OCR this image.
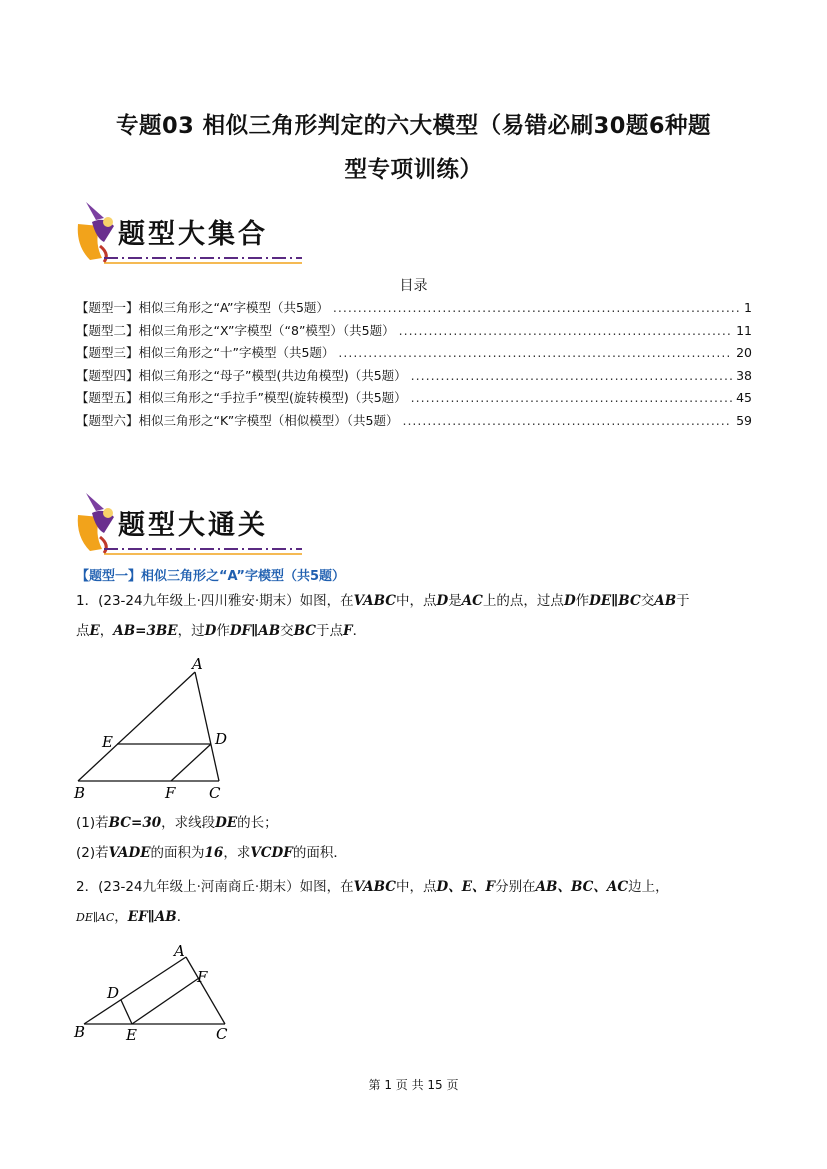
专题03 相似三角形判定的六大模型（易错必刷30题6种题
型专项训练）
题型大集合
目录
【题型一】相似三角形之“A”字模型（共5题） .....	1
【题型二】相似三角形之“X”字模型（“8”模型）（共5题） .....	11
【题型三】相似三角形之“十”字模型（共5题） .....	20
【题型四】相似三角形之“母子”模型(共边角模型)（共5题） .....	38
【题型五】相似三角形之“手拉手”模型(旋转模型)（共5题） .....	45
【题型六】相似三角形之“K”字模型（相似模型）（共5题） .....	59
题型大通关
【题型一】相似三角形之“A”字模型（共5题）
1．(23-24九年级上·四川雅安·期末）如图，在VABC中，点D是AC上的点，过点D作DE∥BC交AB于
点E，AB=3BE，过D作DF∥AB交BC于点F．
A
B	C
D
E
F
(1)若BC=30，求线段DE的长；
(2)若VADE的面积为16，求VCDF的面积．
2．(23-24九年级上·河南商丘·期末）如图，在VABC中，点D、E、F分别在AB、BC、AC边上，
DE∥AC，EF∥AB．
A
B	C
D
E
F
第 1 页 共 15 页
